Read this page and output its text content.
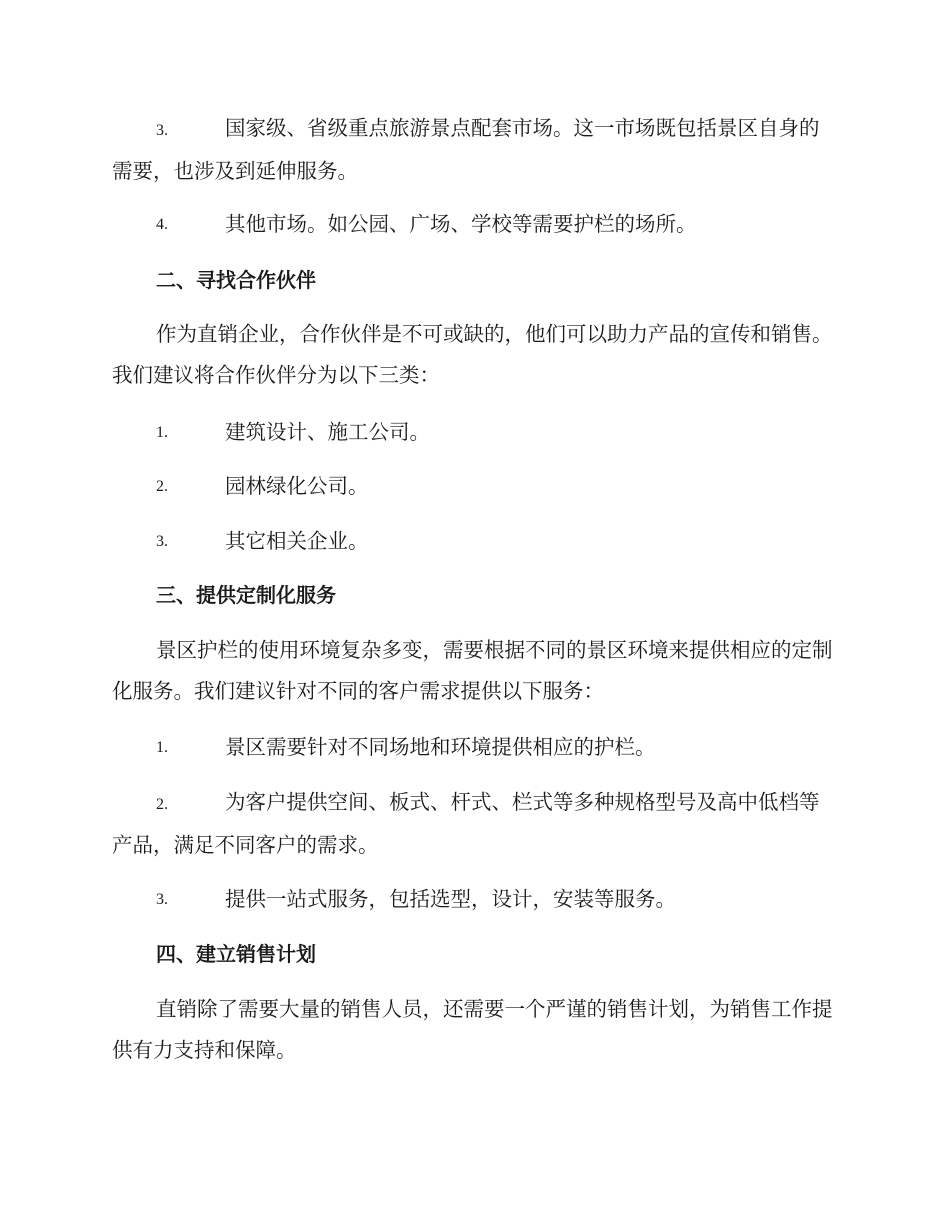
3.	国家级、省级重点旅游景点配套市场。这一市场既包括景区自身的需要，也涉及到延伸服务。
4.	其他市场。如公园、广场、学校等需要护栏的场所。
二、寻找合作伙伴
作为直销企业，合作伙伴是不可或缺的，他们可以助力产品的宣传和销售。我们建议将合作伙伴分为以下三类：
1.	建筑设计、施工公司。
2.	园林绿化公司。
3.	其它相关企业。
三、提供定制化服务
景区护栏的使用环境复杂多变，需要根据不同的景区环境来提供相应的定制化服务。我们建议针对不同的客户需求提供以下服务：
1.	景区需要针对不同场地和环境提供相应的护栏。
2.	为客户提供空间、板式、杆式、栏式等多种规格型号及高中低档等产品，满足不同客户的需求。
3.	提供一站式服务，包括选型，设计，安装等服务。
四、建立销售计划
直销除了需要大量的销售人员，还需要一个严谨的销售计划，为销售工作提供有力支持和保障。
